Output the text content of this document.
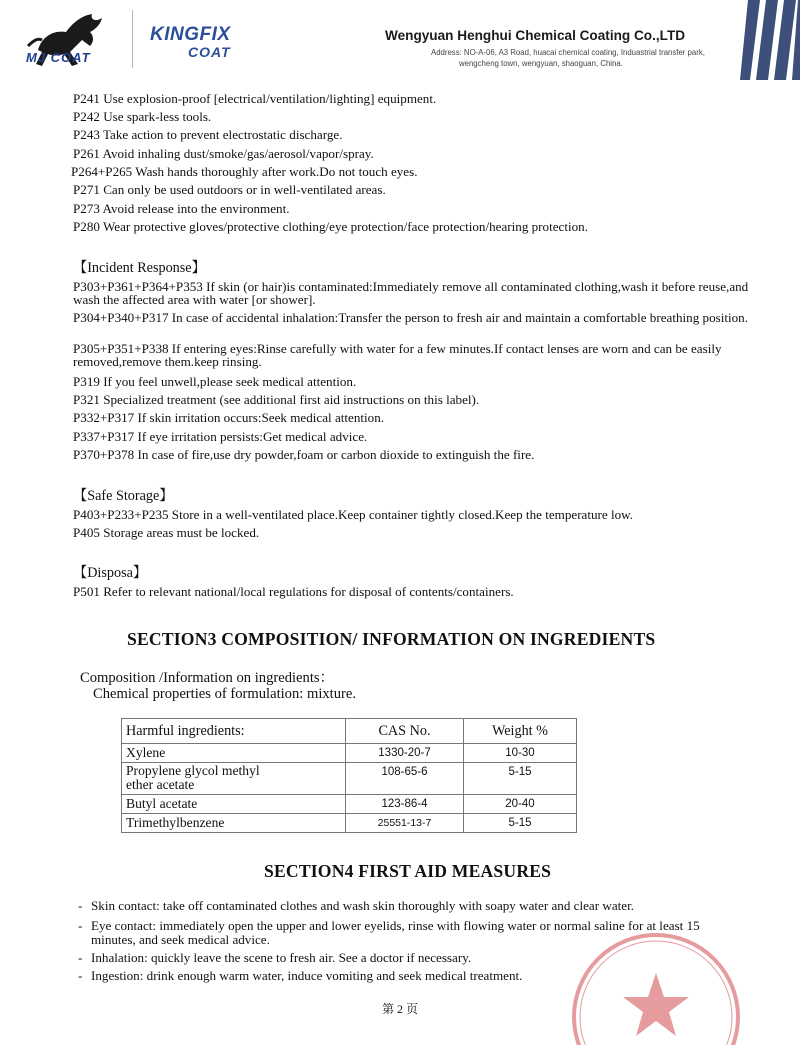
MJ COAT
KINGFIX
COAT
Wengyuan Henghui Chemical Coating Co.,LTD
Address: NO-A-06, A3 Road, huacai chemical coating, Induastrial transfer park,
wengcheng town, wengyuan, shaoguan, China.
P241 Use explosion-proof [electrical/ventilation/lighting] equipment.
P242 Use spark-less tools.
P243 Take action to prevent electrostatic discharge.
P261 Avoid inhaling dust/smoke/gas/aerosol/vapor/spray.
P264+P265 Wash hands thoroughly after work.Do not touch eyes.
P271 Can only be used outdoors or in well-ventilated areas.
P273 Avoid release into the environment.
P280 Wear protective gloves/protective clothing/eye protection/face protection/hearing protection.
【Incident Response】
P303+P361+P364+P353 If skin (or hair)is contaminated:Immediately remove all contaminated clothing,wash it before reuse,and wash the affected area with water [or shower].
P304+P340+P317 In case of accidental inhalation:Transfer the person to fresh air and maintain a comfortable breathing position.
P305+P351+P338 If entering eyes:Rinse carefully with water for a few minutes.If contact lenses are worn and can be easily removed,remove them.keep rinsing.
P319 If you feel unwell,please seek medical attention.
P321 Specialized treatment (see additional first aid instructions on this label).
P332+P317 If skin irritation occurs:Seek medical attention.
P337+P317 If eye irritation persists:Get medical advice.
P370+P378 In case of fire,use dry powder,foam or carbon dioxide to extinguish the fire.
【Safe Storage】
P403+P233+P235 Store in a well-ventilated place.Keep container tightly closed.Keep the temperature low.
P405 Storage areas must be locked.
【Disposa】
P501 Refer to relevant national/local regulations for disposal of contents/containers.
SECTION3 COMPOSITION/ INFORMATION ON INGREDIENTS
Composition /Information on ingredients：
Chemical properties of formulation: mixture.
Harmful ingredients:	CAS No.	Weight %
Xylene	1330-20-7	10-30

Propylene glycol methyl ether acetate	108-65-6	5-15
Butyl acetate	123-86-4	20-40
Trimethylbenzene	25551-13-7	5-15
SECTION4 FIRST AID MEASURES
- Skin contact: take off contaminated clothes and wash skin thoroughly with soapy water and clear water.
- Eye contact: immediately open the upper and lower eyelids, rinse with flowing water or normal saline for at least 15 minutes, and seek medical advice.
- Inhalation: quickly leave the scene to fresh air. See a doctor if necessary.
- Ingestion: drink enough warm water, induce vomiting and seek medical treatment.
第 2 页
